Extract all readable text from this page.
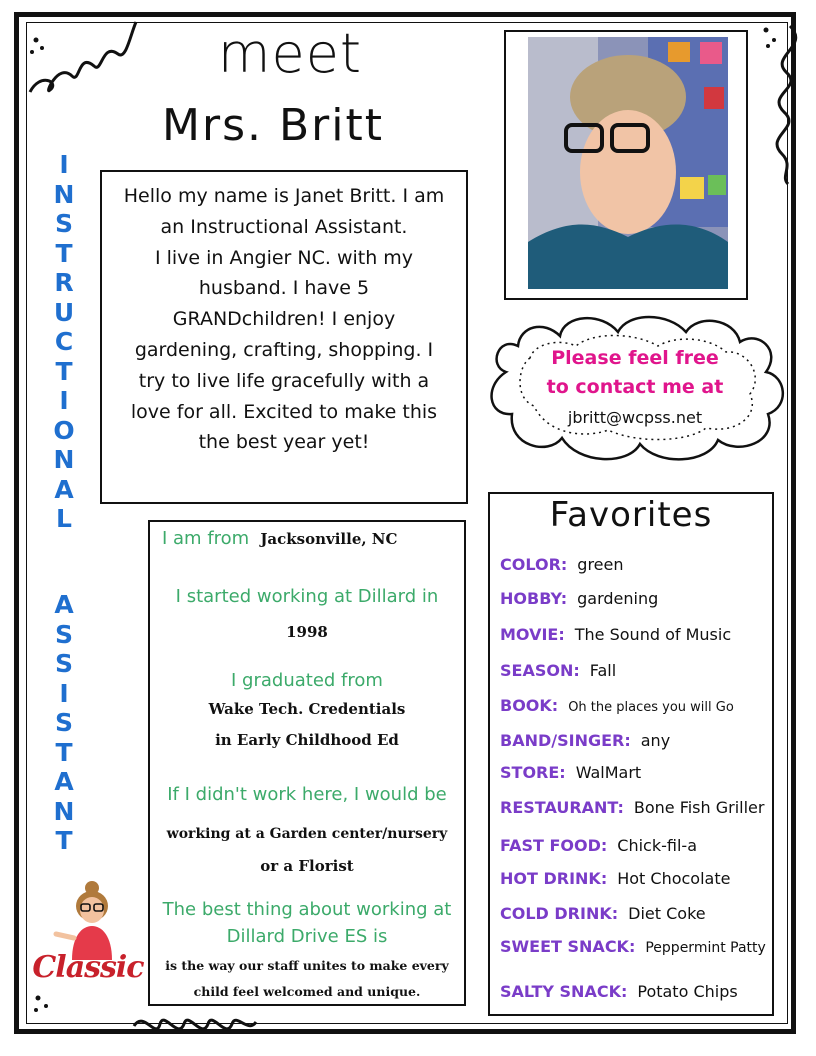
meet
Mrs. Britt
I
N
S
T
R
U
C
T
I
O
N
A
L
A
S
S
I
S
T
A
N
T
Hello my name is Janet Britt. I am
an Instructional Assistant.
I live in Angier NC. with my
husband. I have 5
GRANDchildren! I enjoy
gardening, crafting, shopping. I
try to live life gracefully with a
love for all. Excited to make this
the best year yet!
Please feel free
to contact me at
jbritt@wcpss.net
I am from Jacksonville, NC
I started working at Dillard in
1998
I graduated from
Wake Tech. Credentials
in Early Childhood Ed
If I didn't work here, I would be
working at a Garden center/nursery
or a Florist
The best thing about working at
Dillard Drive ES is
is the way our staff unites to make every
child feel welcomed and unique.
Favorites
COLOR: green
HOBBY: gardening
MOVIE: The Sound of Music
SEASON: Fall
BOOK: Oh the places you will Go
BAND/SINGER: any
STORE: WalMart
RESTAURANT: Bone Fish Griller
FAST FOOD: Chick-fil-a
HOT DRINK: Hot Chocolate
COLD DRINK: Diet Coke
SWEET SNACK: Peppermint Patty
SALTY SNACK: Potato Chips
Classic
